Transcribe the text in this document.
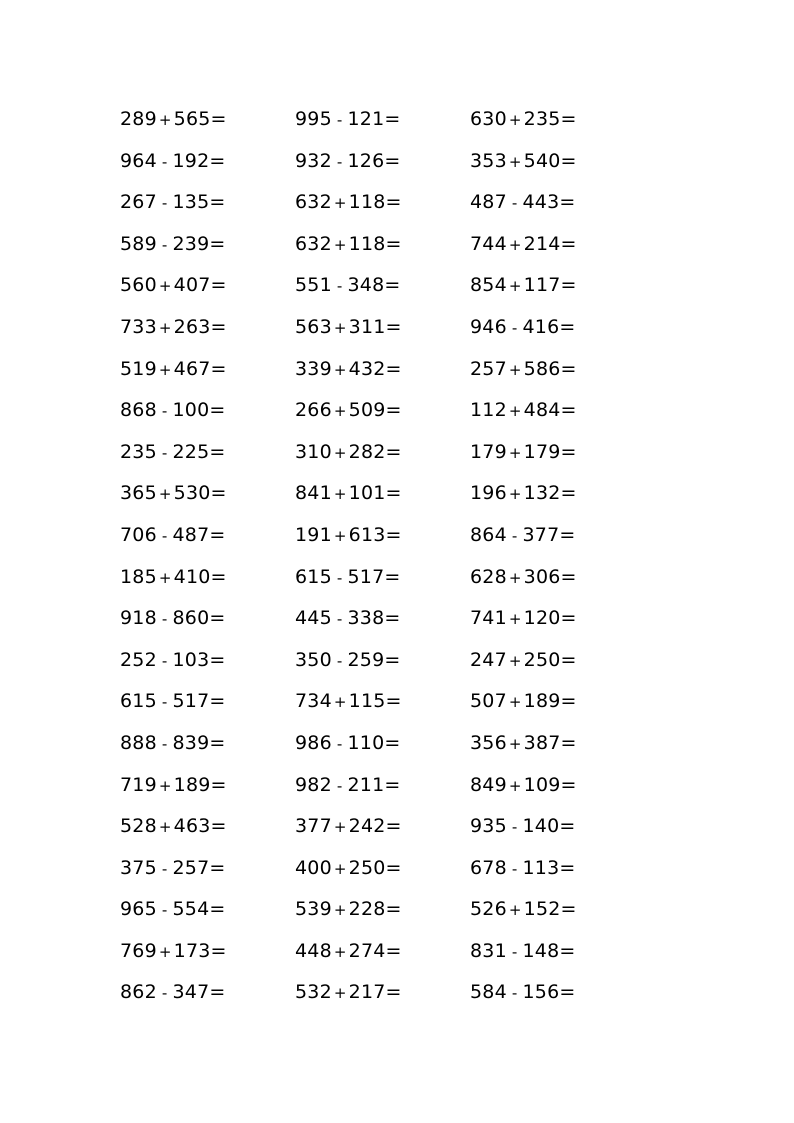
289 + 565=
964 - 192=
267 - 135=
589 - 239=
560 + 407=
733 + 263=
519 + 467=
868 - 100=
235 - 225=
365 + 530=
706 - 487=
185 + 410=
918 - 860=
252 - 103=
615 - 517=
888 - 839=
719 + 189=
528 + 463=
375 - 257=
965 - 554=
769 + 173=
862 - 347=
995 - 121=
932 - 126=
632 + 118=
632 + 118=
551 - 348=
563 + 311=
339 + 432=
266 + 509=
310 + 282=
841 + 101=
191 + 613=
615 - 517=
445 - 338=
350 - 259=
734 + 115=
986 - 110=
982 - 211=
377 + 242=
400 + 250=
539 + 228=
448 + 274=
532 + 217=
630 + 235=
353 + 540=
487 - 443=
744 + 214=
854 + 117=
946 - 416=
257 + 586=
112 + 484=
179 + 179=
196 + 132=
864 - 377=
628 + 306=
741 + 120=
247 + 250=
507 + 189=
356 + 387=
849 + 109=
935 - 140=
678 - 113=
526 + 152=
831 - 148=
584 - 156=
